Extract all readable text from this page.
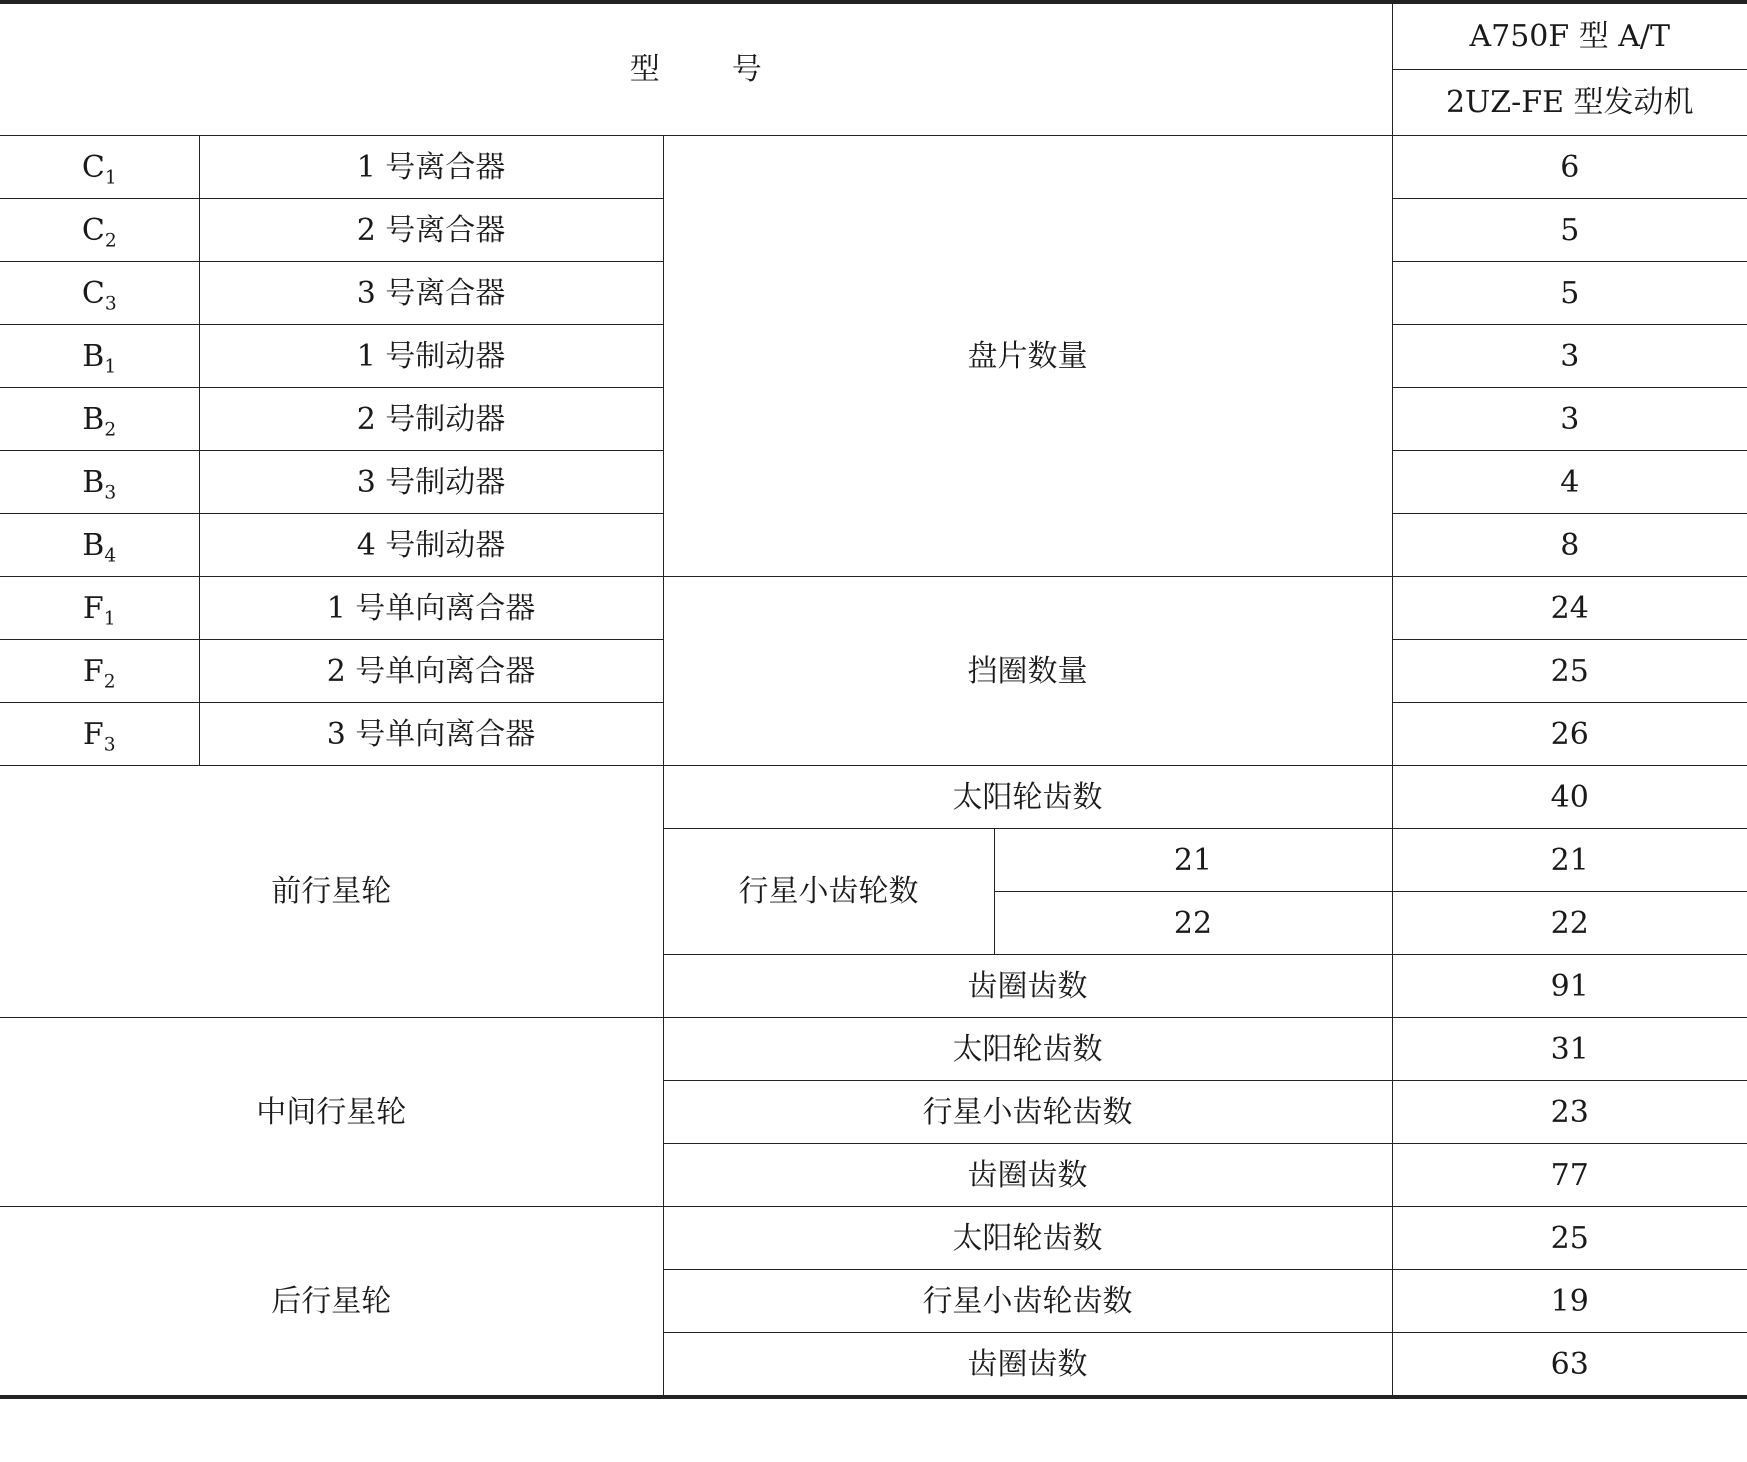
型号				A750F 型 A/T
				2UZ-FE 型发动机
$C_1$	1 号离合器	盘片数量		6
$C_2$	2 号离合器			5
$C_3$	3 号离合器			5
$B_1$	1 号制动器			3
$B_2$	2 号制动器			3
$B_3$	3 号制动器			4
$B_4$	4 号制动器			8
$F_1$	1 号单向离合器	挡圈数量		24
$F_2$	2 号单向离合器			25
$F_3$	3 号单向离合器			26
前行星轮		太阳轮齿数		40
		行星小齿轮数	21	21
			22	22
		齿圈齿数		91
中间行星轮		太阳轮齿数		31
		行星小齿轮齿数		23
		齿圈齿数		77
后行星轮		太阳轮齿数		25
		行星小齿轮齿数		19
		齿圈齿数		63
